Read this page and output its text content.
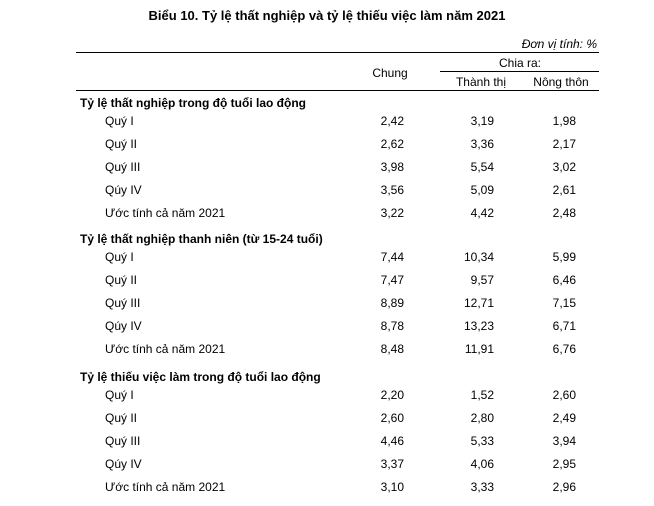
Biểu 10. Tỷ lệ thất nghiệp và tỷ lệ thiếu việc làm năm 2021
Đơn vị tính: %
Chung
Chia ra:
Thành thị	Nông thôn
Tỷ lệ thất nghiệp trong độ tuổi lao động
Quý I	2,42	3,19	1,98
Quý II	2,62	3,36	2,17
Quý III	3,98	5,54	3,02
Qúy IV	3,56	5,09	2,61
Ước tính cả năm 2021	3,22	4,42	2,48
Tỷ lệ thất nghiệp thanh niên (từ 15-24 tuổi)
Quý I	7,44	10,34	5,99
Quý II	7,47	9,57	6,46
Quý III	8,89	12,71	7,15
Qúy IV	8,78	13,23	6,71
Ước tính cả năm 2021	8,48	11,91	6,76
Tỷ lệ thiếu việc làm trong độ tuổi lao động
Quý I	2,20	1,52	2,60
Quý II	2,60	2,80	2,49
Quý III	4,46	5,33	3,94
Qúy IV	3,37	4,06	2,95
Ước tính cả năm 2021	3,10	3,33	2,96
